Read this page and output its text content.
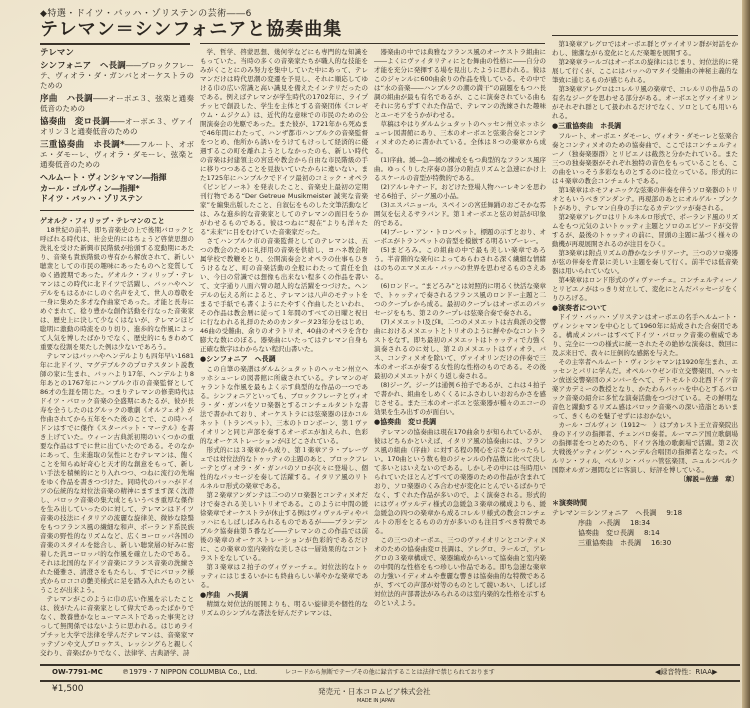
◆特選・ドイツ・バッハ・ゾリステンの芸術――6
テレマン＝シンフォニアと協奏曲集
テレマン
シンフォニア　ヘ長調――ブロックフレーテ、ヴィオラ・ダ・ガンバとオーケストラのための
序曲　ハ長調――オーボエ３、弦楽と通奏低音のための
協奏曲　変ロ長調――オーボエ３、ヴァイオリン３と通奏低音のための
三重協奏曲　ホ長調*――フルート、オボエ・ダモーレ、ヴィオラ・ダモーレ、弦楽と通奏低音のための
ヘルムート・ヴィンシャマン―指揮
カール・ゴルヴィン―指揮*
ドイツ・バッハ・ゾリステン
ゲオルク・フィリップ・テレマンのこと

18世紀の前半、即ち音楽史の上で後期バロックと呼ばれる時代は、社会史的にはちょうど啓蒙思想の洗礼を受けた新興市民階級が抬頭する変動期にあたり、音楽も貴族階級の専有から解放されて、新しい聴衆としての市民の趣味にあったものへと変質してゆく過渡期であった。ゲオルク・フィリップ・テレマンはこの時代に北ドイツで活躍し、バッハやヘンデルをもはるかにしのぐ名声をえて、世人の尊敬を一身に集めた多才な作曲家であった。才能と長寿にめぐまれて、稔り豊かな創作活動を行なった音楽家は、歴史上に決して少なくはないが、テレマンほど聡明に激動の時流をのり切り、進歩的な作風によって人気を博したばかりでなく、歴史的にもきわめて重要な役割を果たした例は少ないであろう。

テレマンはバッハやヘンデルよりも四年早い1681年に北ドイツ、マグデブルクのプロテスタント説教師の家に生まれ、バッハより17年、ヘンデルより8年あとの1767年にハンブルク市の音楽監督として86才の生涯を閉じた。つまりテレマンの修業時代はドイツ・バロック音楽の全盛期にあたるが、彼が長寿を全うしたのはグルックの歌劇《オルフェオ》が作曲されてから五年をへた後のことで、この時ハイドンはすでに傑作《スターバット・マーテル》を書き上げていた。ウィーン古典派初期のいくつかの重要な作品はすでに世に出ていたのである。そのなかにあって、生来進取の気性にとむテレマンは、飽くことを知らぬ好奇心と天才的な創意をもって、新しい手法を積極的にとり入れつつ、つねに流行の先端をゆく作品を書きつづけた。同時代のバッハがドイツの伝統的な対位法音楽の精神にますます深く沈潜し、バロック音楽の集大成ともいうべき重厚な傑作を生み出していったのに対して、テレマンはドイツ音楽の技法にイタリアの流麗な旋律美、微妙な陰翳をもつフランス風の繊細な和声、ポーランド系民族音楽の野性的なリズムなど、広くヨーロッパ各国の音楽のスタイルを総合し、新しい聴衆層の好みに密着した汎ヨーロッパ的な作風を確立したのである。それは北国的なドイツ音楽にフランス音楽の洗練された優雅さ、清澄さをもたらし、すでにバロック様式からロココの艶美様式に足を踏み入れたものということが出来よう。

テレマンがこのように巾の広い作風を示したことは、彼がたんに音楽家として偉大であったばかりでなく、教養豊かなヒューマニストであった事実とけっして無関係ではないように思われる。はじめライプチッヒ大学で法律を学んだテレマンは、音楽家マッテゾンや文人ブロッケス、レッシングらと親しく交わり、音楽ばかりでなく、法律学、古典語学、詩

学、哲学、啓蒙思想、幾何学などにも専門的な知識をもっていた。当時の多くの音楽家たちが職人的な技能をみがくことにのみ努力を集中していた中にあって、テレマンだけは時代思潮の変遷を予見し、それに順応してゆける巾の広い常識と高い識見を備えたインテリだったのである。例えばテレマンが学生時代の1702年に、ライプチッヒで創設した、学生を主体とする音楽団体《コレギウム・ムジクム》は、近代的な意味での市民のための公開演奏会の先駆であった。また彼が、1721年から死ぬまで46年間にわたって、ハンザ都市ハンブルクの音楽監督をつとめ、他所から誘いをうけてもけっして経済的に優遇するこの町を離れようとしなかったのも、新しい時代の音楽は封建領主の宮廷や教会から自由な市民階級の手に移りつつあることを見抜いていたからに違いない。また1725年にハンブルクでドイツ最初のコミック・オペラ《ピンピノーネ》を発表したこと、音楽史上最初の定期刊行物である“Der Getreue Musikmeister 誠実な音楽家”を編集出版したこと、自叙伝をものした文筆活動などは、みな進歩的な音楽家としてのテレマンの面目をうかがわせるものである。彼はつねに“現在”よりも洋々たる“未来”に目をむけていた音楽家だった。

さてハンブルク市の音楽監督としてのテレマンは、五つの教会のために礼拝用の音楽を供給し、ヨハネ教会附属学校で教鞭をとり、公開演奏会とオペラの仕事もひきうけるなど、町の音楽活動の全般にわたって責任を負い、今日の常識では想像も出来ない程多くの作品を書いて、文字通り八面六臂の超人的な活躍をつづけた。ヘンデルの伝える所によると、テレマンは八声のモテットをまるで手紙でも書くようにたやすく作曲したといわれ、その作品は教会暦に従って１年間のすべての日曜と祝日に行なわれる礼拝のためのカンタータ23年分をはじめ、46曲の受難曲、余りのオラトリオ、40曲のオペラを含む膨大な数にのぼる。器楽曲にいたってはテレマン自身も正確な数字はわからない程沢山書いた。

●シンフォニア　ヘ長調

この自筆の楽譜はダルムシュタットのヘッセン州立ヘッホシューレの図書館に所蔵されている。テレマンのギャラントな作風を最もよく示す典型的な作品の一つである。シンフォニアといっても、ブロックフレーテとヴィオラ・ダ・ガンバをソロ楽器とするコンチェルタントな書法で書かれており、オーケストラには弦楽器のほかコルネット（トランペット）、三本のトロンボーン、第１ヴァイオリンと同じ声部を奏するオーボエが加えられ、色彩的なオーケストレーションがほどこされている。

形式的には３楽章から成り、第１楽章アラ・ブレーヴェでは対位法的なトゥッティの主題のあと、ブロックフレーテとヴィオラ・ダ・ガンバのソロが次々に登場し、個性的なパッセージを奏して活躍する。イタリア風のリトルネルロ形式の楽章である。

第２楽章アンダンテは二つのソロ楽器とコンティヌオだけで奏される美しいトリオである。このように中間の緩徐楽章でオーケストラが休止する例はヴィヴァルディやバッハにもしばしばみられるものであるが――ブランデンブルク協奏曲第５番など――テレマンのこの作品では前後の楽章のオーケストレーションが色彩的であるだけに、この楽章の室内楽的な美しさは一層効果的なコントラストをなしている。

第３楽章は２拍子のヴィヴァーチェ。対位法的なトゥッティにはじまるいかにも終曲らしい華やかな楽章である。

●序曲　ハ長調

精緻な対位法的展開よりも、明るい旋律美や個性的なリズムのシンプルな書法を好んだテレマンは、

器楽曲の中では典雅なフランス風のオーケストラ組曲に――よくにヴァイタリティにとむ舞曲の性格に――自分の才能を充分に発揮する場を見出したように思われる。彼はこのジャンルに600曲余りの作品を残している。その中では“水の音楽――ハンブルクの潮の満干”の副題をもつハ長調の組曲が最も有名であるが、ここに演奏されている曲もそれに劣らずすぐれた作品で、テレマンの洗練された趣味とユーモアをうかがわせる。

草稿はやはりダルムシュタットのヘッセン州立ホッホシューレ図書館にあり、三本のオーボエと弦楽合奏とコンティヌオのために書かれている。全体は８つの楽章から成る。

(1)序曲。緩―急―緩の構成をもつ典型的なフランス風序曲。ゆっくりした序奏の部分の附点リズムと急速にかけ上るスケールの音型が特徴的である。

(2)アルレキナード。おどけた登場人物ハーレキンを思わせる6拍子、ジーグ風の小品。

(3)エスパニョール。スペインの宮廷舞踊のおごそかな雰囲気を伝えるサラバンド。第１オーボエと弦の対話が印象的である。

(4)ブーレ・アン・トロンペット。標題の示すとおり、オーボエがトランペットの音型を模倣する明るいブーレー。

(5)まどろみ。この組曲の中で最も美しい楽章であろう。半音階的な楽句によってあらわされる深く繊細な情緒はのちのエマヌエル・バッハの世界を思わせるものさえある。

(6)ロンドー。“まどろみ”とは対照的に明るく快活な楽章で、トゥッティで奏されるフランス風のロンドー主題と二つのクープレから成る。最初のクープレはオーボエのパッセージをもち、第２のクープレは弦楽合奏で奏される。

(7)メヌエットⅠ及びⅡ。二つのメヌエットは古典派の交響曲におけるメヌエットとトリオのように鮮やかなコントラストをなす。即ち最初のメヌエットはトゥッティで力強く演奏されるのに対し、第２のメヌエットはヴィオラ、バス、コンティヌオを除いて、ヴァイオリンだけの伴奏で三本のオーボエが奏する女性的な性格のものである。その後最初のメヌエットがくり返し奏される。

(8)ジーグ。ジーグは通例６拍子であるが、これは４拍子で書かれ、組曲をしめくくるにふさわしいおおらかさを感じさせる。また三本のオーボエと弦楽器が種々のエコーの効果を生み出すのが面白い。

●協奏曲　変ロ長調

テレマンの協奏曲は現在170曲余りが知られているが、彼はどちらかといえば、イタリア風の協奏曲には、フランス風の組曲（序曲）に対する程の関心を示さなかったらしい。170曲という数も他のジャンルの作品数に比べて決して多いとはいえないのである。しかしその中には当時用いられていたほとんどすべての楽器のための作品が含まれており、ソロ楽器のくみ合わせが変化にとんでいるばかりでなく、すぐれた作品が多いので、よく演奏される。形式的にはヴィヴァルディ様式の急緩急３楽章の構成よりも、緩急緩急の四つの楽章から成るコレルリ様式の教会コンチェルトの形をとるものの方が多いのも注目すべき特徴である。

この三つのオーボエ、三つのヴァイオリンとコンティヌオのための協奏曲変ロ長調は、アレグロ、ラールゴ、アレグロの３楽章構成で、楽器編成からいって協奏曲と室内楽の中間的な性格をもつ珍しい作品である。即ち急速な楽章の力強いイディオムや豊麗な響きは協奏曲的な特徴であるが、すべての声部が対等のものとして競いあい、しばしば対位法的声部書法がみられるのは室内楽的な性格を示すものといえよう。

第1楽章アレグロではオーボエ群とヴァイオリン群が対話をかわし、簡潔ながら変化にとんだ楽趣を展開する。

第2楽章ラールゴはオーボエの旋律にはじまり、対位法的に発展して行くが、ここにはバッハのマタイ受難曲の神秘主義的な筆致に通じるものが感じられる。

第3楽章アレグロはコレルリ風の楽章で、コレルリの作品５の有名なジーグを思わせる部分がある。オーボエとヴァイオリンがそれぞれ群として扱われるだけでなく、ソロとしても用いられる。

●三重協奏曲　ホ長調

フルート、オーボエ・ダモーレ、ヴィオラ・ダモーレと弦楽合奏とコンティヌオのための協奏曲で、ここではコンチェルティーノ（独奏楽器群）とリピエノは截然と分かたれている。また三つの独奏楽器がそれぞれ独特の音色をもっていることも、この曲をいっそう多彩なものとするのに役立っている。形式的には４楽章の教会コンチェルトである。

第1楽章はホモフォニックな弦楽の伴奏を伴うソロ楽器のトリオともいうべきアンダンテ。再現部のあとにオルゲル・プンクトがあり、テレマン自身の手になるカデンツァが奏される。

第2楽章アレグロはリトルネルロ形式で、ポーランド風のリズムをもつ元気のよいトゥッティ主題とソロのエピソードが交替するが、最後のトゥッティの前に、冒頭の主題に基づく様々の動機が再現展開されるのが注目をひく。

第3楽章は附点リズムの静かなシチリアーナ。三つのソロ楽器が弦の伴奏を背景に美しい主題を奏して行く。前半では低音楽器は用いられていない。

第4楽章はロンド形式のヴィヴァーチェ。コンチェルティーノとリピエノがはっきり対立して、変化にとんだパッセージをくりひろげる。

●演奏者について

ドイツ・バッハ・ゾリステンはオーボエの名手ヘルムート・ヴィンシャマンを中心として1960年に結成された合奏団である。構成メンバーはすべてドイツ・バロック音楽の権威であり、完全に一つの様式に統一されたその絶妙な演奏は、数回に及ぶ来日で、我々に圧倒的な感銘を与えた。

その主宰者ヘルムート・ヴィンシャマンは1920年生まれ、エッセンとパリに学んだ。オペルハウゼン市立交響楽団、ヘッセン放送交響楽団のメンバーをへて、デトモルトの北西ドイツ音楽アカデミーの教授となり、かたわらバッハを中心とするバロック音楽の紹介に多忙な演奏活動をつづけている。その鮮明な音色と躍動するリズム感はバロック音楽への深い造詣とあいまって、きくものを魅了せずにはおかない。

カール・ゴルヴィン（1912〜　）はブカレスト王立音楽院出身のドイツの指揮者、チェンバロ奏者。ルーマニア国立歌劇場の指揮者をつとめたのち、ドイツ各地の歌劇場で活躍。第２次大戦後ゲッティンゲン・ヘンデル合唱団の指揮者となった。ベルリン・フィル、ベルリン・バッハ管弦楽団、ニュルンベルク国際オルガン週間などに客演し、好評を博している。

〔解説＝佐藤　章〕

＊演奏時間
テレマン＝シンフォニア　ヘ長調 9:18
序曲　ハ長調 18:34
協奏曲　変ロ長調 8:14
三重協奏曲　ホ長調 16:30
OW-7791-MC	℗1979・7 NIPPON COLUMBIA Co., Ltd.	レコードから無断でテープその他に録音することは法律で禁じられております	◀録音特性：RIAA▶
¥1,500	発売元・日本コロムビア株式会社
MADE IN JAPAN
